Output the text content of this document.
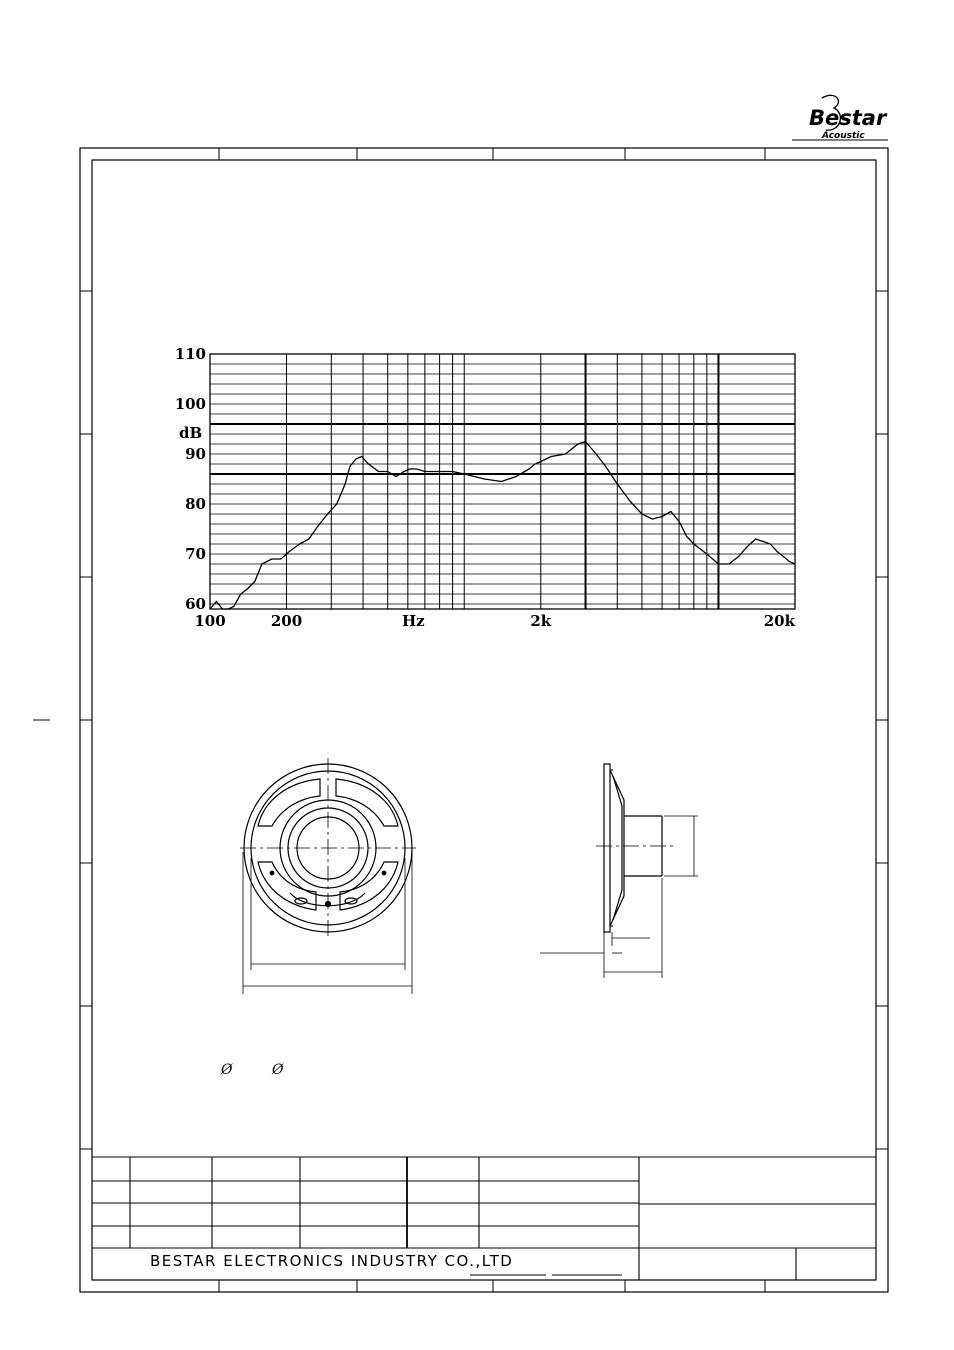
Bestar
Acoustic
110
100
90
80
70
60
100	200	2k	20k
dB
Hz
Ø	Ø
BESTAR ELECTRONICS INDUSTRY CO.,LTD
